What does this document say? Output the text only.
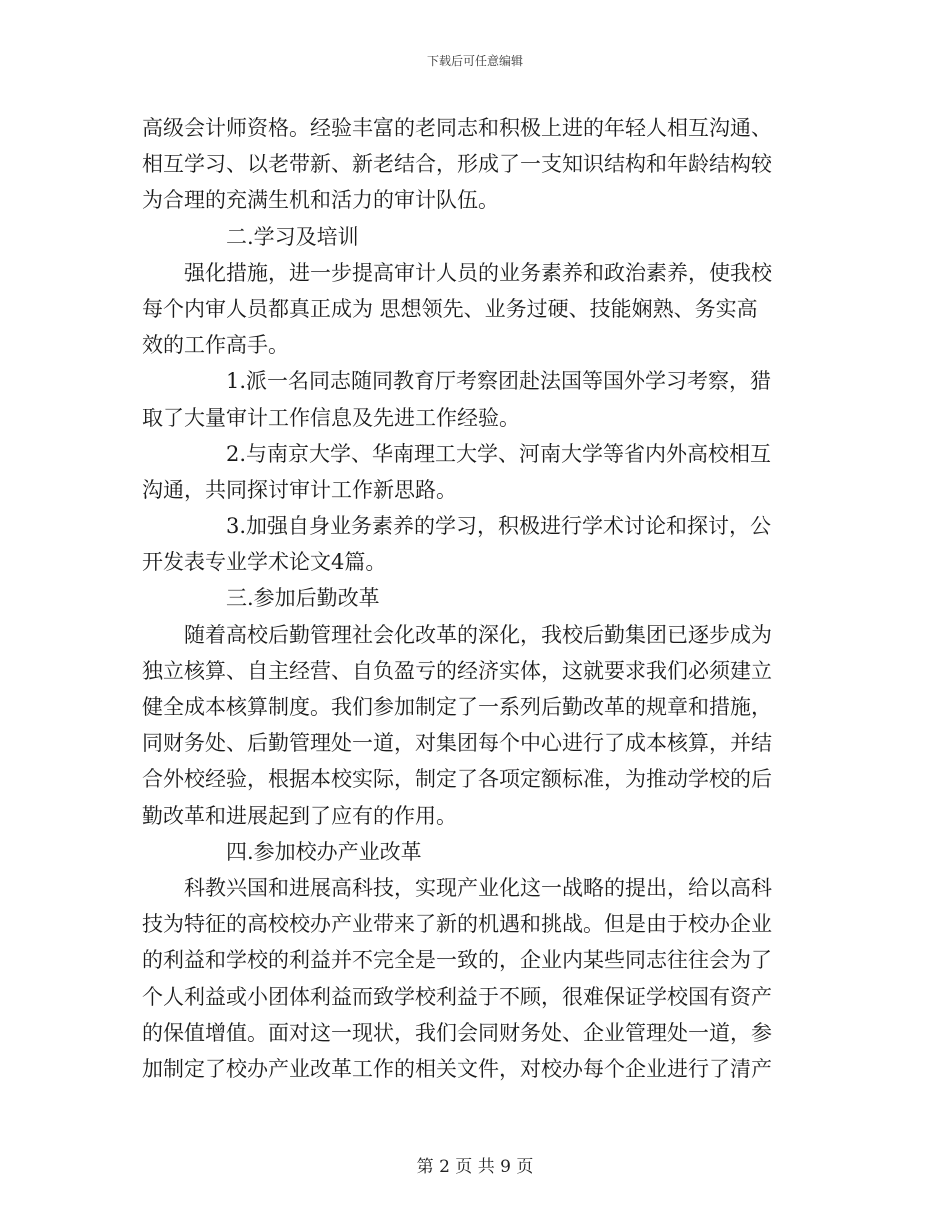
下载后可任意编辑
高级会计师资格。经验丰富的老同志和积极上进的年轻人相互沟通、
相互学习、以老带新、新老结合，形成了一支知识结构和年龄结构较
为合理的充满生机和活力的审计队伍。
二.学习及培训
强化措施，进一步提高审计人员的业务素养和政治素养，使我校
每个内审人员都真正成为 思想领先、业务过硬、技能娴熟、务实高
效的工作高手。
1.派一名同志随同教育厅考察团赴法国等国外学习考察，猎
取了大量审计工作信息及先进工作经验。
2.与南京大学、华南理工大学、河南大学等省内外高校相互
沟通，共同探讨审计工作新思路。
3.加强自身业务素养的学习，积极进行学术讨论和探讨，公
开发表专业学术论文4篇。
三.参加后勤改革
随着高校后勤管理社会化改革的深化，我校后勤集团已逐步成为
独立核算、自主经营、自负盈亏的经济实体，这就要求我们必须建立
健全成本核算制度。我们参加制定了一系列后勤改革的规章和措施，
同财务处、后勤管理处一道，对集团每个中心进行了成本核算，并结
合外校经验，根据本校实际，制定了各项定额标准，为推动学校的后
勤改革和进展起到了应有的作用。
四.参加校办产业改革
科教兴国和进展高科技，实现产业化这一战略的提出，给以高科
技为特征的高校校办产业带来了新的机遇和挑战。但是由于校办企业
的利益和学校的利益并不完全是一致的，企业内某些同志往往会为了
个人利益或小团体利益而致学校利益于不顾，很难保证学校国有资产
的保值增值。面对这一现状，我们会同财务处、企业管理处一道，参
加制定了校办产业改革工作的相关文件，对校办每个企业进行了清产
第 2 页 共 9 页
